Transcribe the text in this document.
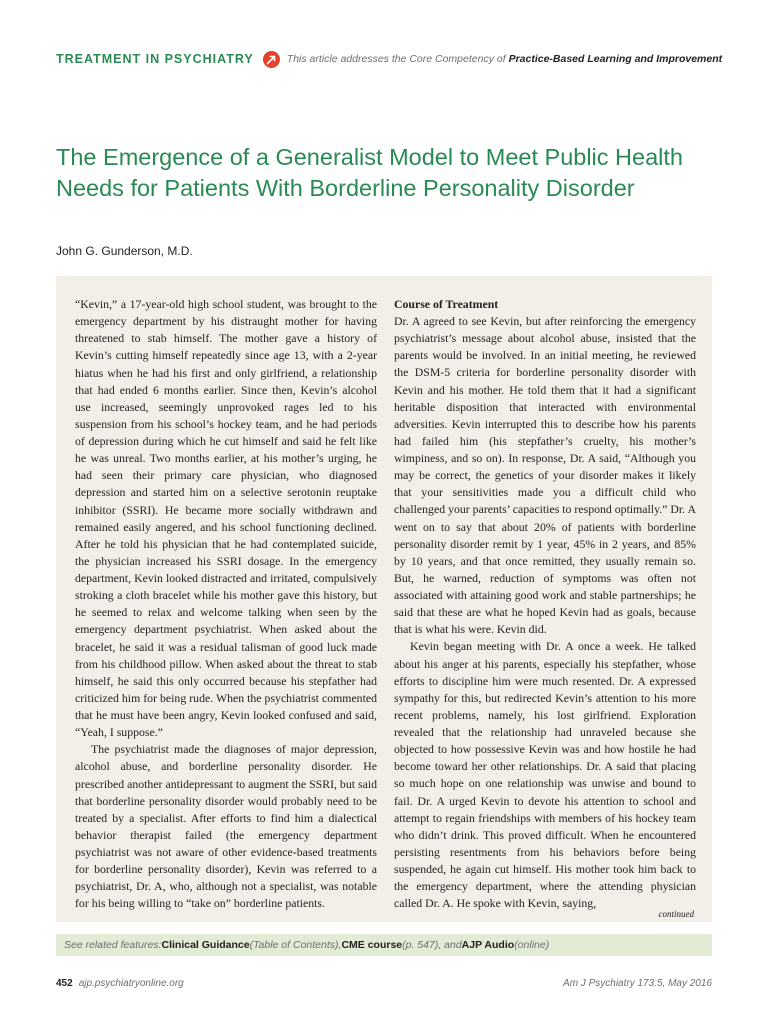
TREATMENT IN PSYCHIATRY	This article addresses the Core Competency of Practice-Based Learning and Improvement
The Emergence of a Generalist Model to Meet Public Health Needs for Patients With Borderline Personality Disorder
John G. Gunderson, M.D.

“Kevin,” a 17-year-old high school student, was brought to the emergency department by his distraught mother for having threatened to stab himself. The mother gave a history of Kevin’s cutting himself repeatedly since age 13, with a 2-year hiatus when he had his first and only girlfriend, a relationship that had ended 6 months earlier. Since then, Kevin’s alcohol use increased, seemingly unprovoked rages led to his suspension from his school’s hockey team, and he had periods of depression during which he cut himself and said he felt like he was unreal. Two months earlier, at his mother’s urging, he had seen their primary care physician, who diagnosed depression and started him on a selective serotonin reuptake inhibitor (SSRI). He became more socially withdrawn and remained easily angered, and his school functioning declined. After he told his physician that he had contemplated suicide, the physician increased his SSRI dosage. In the emergency department, Kevin looked distracted and irritated, compulsively stroking a cloth bracelet while his mother gave this history, but he seemed to relax and welcome talking when seen by the emergency department psychiatrist. When asked about the bracelet, he said it was a residual talisman of good luck made from his childhood pillow. When asked about the threat to stab himself, he said this only occurred because his stepfather had criticized him for being rude. When the psychiatrist commented that he must have been angry, Kevin looked confused and said, “Yeah, I suppose.”

The psychiatrist made the diagnoses of major depression, alcohol abuse, and borderline personality disorder. He prescribed another antidepressant to augment the SSRI, but said that borderline personality disorder would probably need to be treated by a specialist. After efforts to find him a dialectical behavior therapist failed (the emergency department psychiatrist was not aware of other evidence-based treatments for borderline personality disorder), Kevin was referred to a psychiatrist, Dr. A, who, although not a specialist, was notable for his being willing to “take on” borderline patients.

Course of Treatment

Dr. A agreed to see Kevin, but after reinforcing the emergency psychiatrist’s message about alcohol abuse, insisted that the parents would be involved. In an initial meeting, he reviewed the DSM-5 criteria for borderline personality disorder with Kevin and his mother. He told them that it had a significant heritable disposition that interacted with environmental adversities. Kevin interrupted this to describe how his parents had failed him (his stepfather’s cruelty, his mother’s wimpiness, and so on). In response, Dr. A said, “Although you may be correct, the genetics of your disorder makes it likely that your sensitivities made you a difficult child who challenged your parents’ capacities to respond optimally.” Dr. A went on to say that about 20% of patients with borderline personality disorder remit by 1 year, 45% in 2 years, and 85% by 10 years, and that once remitted, they usually remain so. But, he warned, reduction of symptoms was often not associated with attaining good work and stable partnerships; he said that these are what he hoped Kevin had as goals, because that is what his were. Kevin did.

Kevin began meeting with Dr. A once a week. He talked about his anger at his parents, especially his stepfather, whose efforts to discipline him were much resented. Dr. A expressed sympathy for this, but redirected Kevin’s attention to his more recent problems, namely, his lost girlfriend. Exploration revealed that the relationship had unraveled because she objected to how possessive Kevin was and how hostile he had become toward her other relationships. Dr. A said that placing so much hope on one relationship was unwise and bound to fail. Dr. A urged Kevin to devote his attention to school and attempt to regain friendships with members of his hockey team who didn’t drink. This proved difficult. When he encountered persisting resentments from his behaviors before being suspended, he again cut himself. His mother took him back to the emergency department, where the attending physician called Dr. A. He spoke with Kevin, saying,

continued
See related features: Clinical Guidance (Table of Contents), CME course (p. 547), and AJP Audio (online)
452 ajp.psychiatryonline.org	Am J Psychiatry 173:5, May 2016
